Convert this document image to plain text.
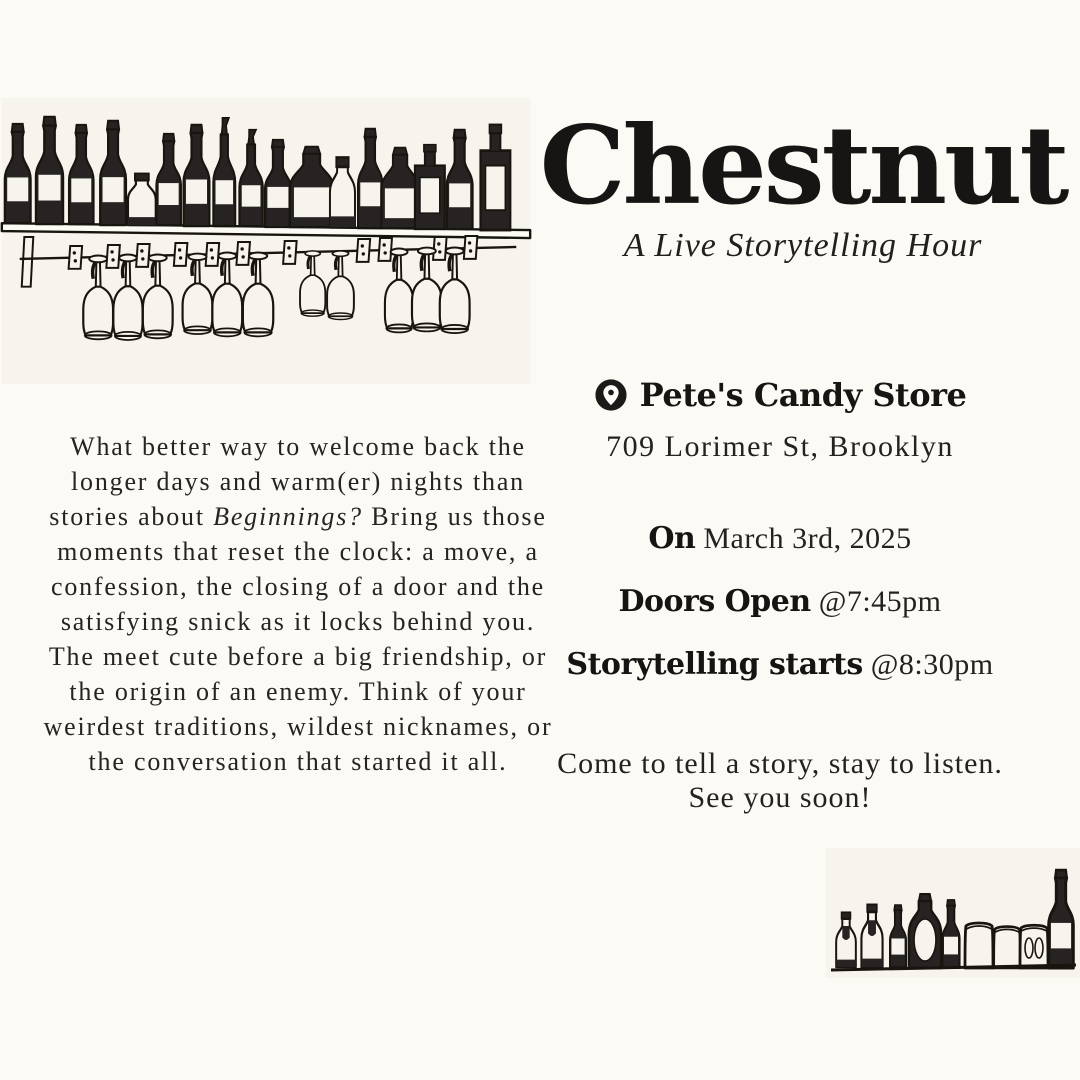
Chestnut
A Live Storytelling Hour
Pete's Candy Store
709 Lorimer St, Brooklyn
On March 3rd, 2025
Doors Open @7:45pm
Storytelling starts @8:30pm
Come to tell a story, stay to listen.
See you soon!
What better way to welcome back the longer days and warm(er) nights than stories about Beginnings? Bring us those moments that reset the clock: a move, a confession, the closing of a door and the satisfying snick as it locks behind you. The meet cute before a big friendship, or the origin of an enemy. Think of your weirdest traditions, wildest nicknames, or the conversation that started it all.
